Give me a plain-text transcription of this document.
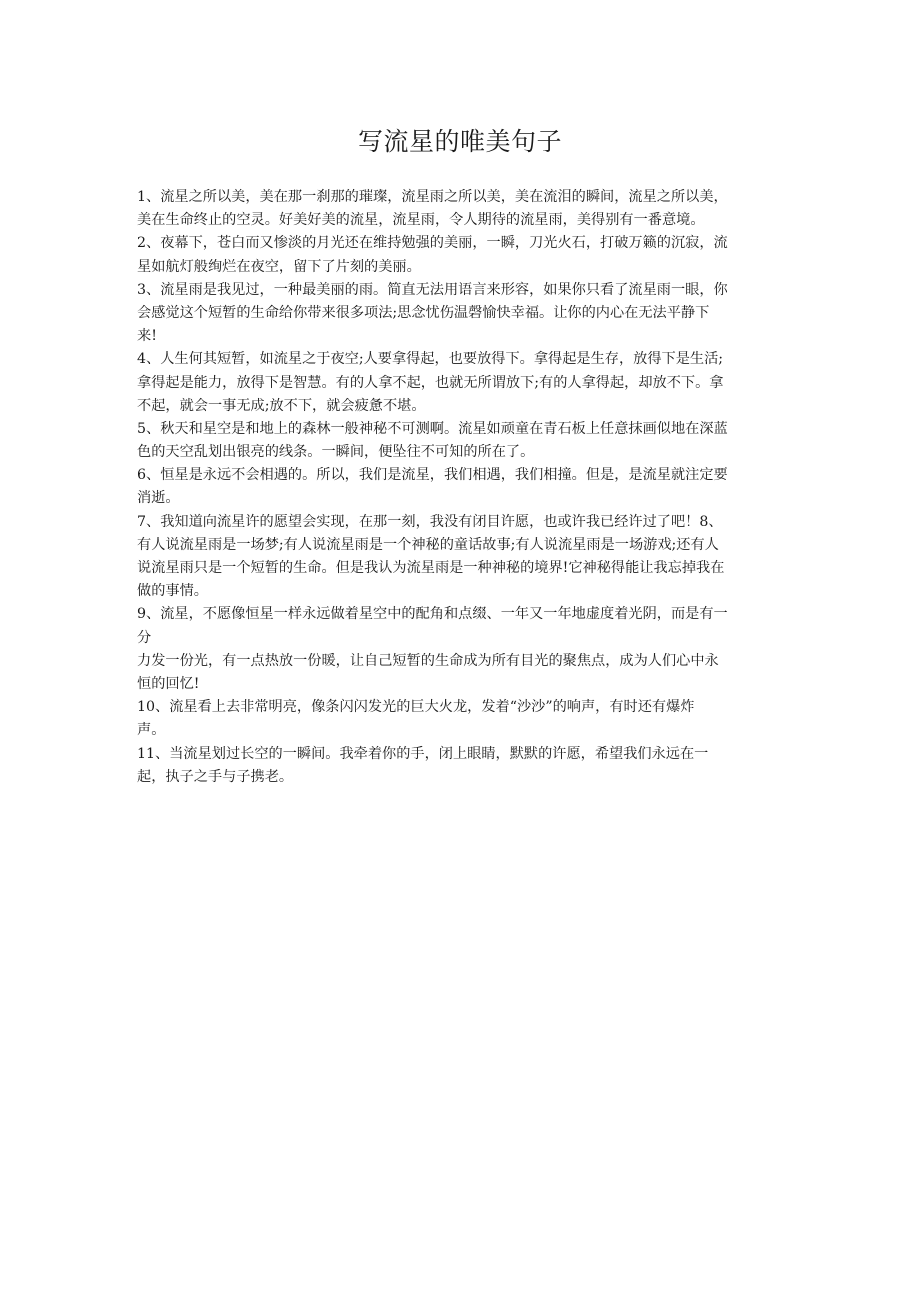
写流星的唯美句子
1、流星之所以美，美在那一刹那的璀璨，流星雨之所以美，美在流泪的瞬间，流星之所以美，
美在生命终止的空灵。好美好美的流星，流星雨，令人期待的流星雨，美得别有一番意境。
2、夜幕下，苍白而又惨淡的月光还在维持勉强的美丽，一瞬，刀光火石，打破万籁的沉寂，流
星如航灯般绚烂在夜空，留下了片刻的美丽。
3、流星雨是我见过，一种最美丽的雨。简直无法用语言来形容，如果你只看了流星雨一眼，你
会感觉这个短暂的生命给你带来很多项法;思念忧伤温磬愉快幸福。让你的内心在无法平静下
来!
4、人生何其短暂，如流星之于夜空;人要拿得起，也要放得下。拿得起是生存，放得下是生活;
拿得起是能力，放得下是智慧。有的人拿不起，也就无所谓放下;有的人拿得起，却放不下。拿
不起，就会一事无成;放不下，就会疲惫不堪。
5、秋天和星空是和地上的森林一般神秘不可测啊。流星如顽童在青石板上任意抹画似地在深蓝
色的天空乱划出银亮的线条。一瞬间，便坠往不可知的所在了。
6、恒星是永远不会相遇的。所以，我们是流星，我们相遇，我们相撞。但是，是流星就注定要
消逝。
7、我知道向流星许的愿望会实现，在那一刻，我没有闭目许愿，也或许我已经许过了吧！8、
有人说流星雨是一场梦;有人说流星雨是一个神秘的童话故事;有人说流星雨是一场游戏;还有人
说流星雨只是一个短暂的生命。但是我认为流星雨是一种神秘的境界!它神秘得能让我忘掉我在
做的事情。
9、流星，不愿像恒星一样永远做着星空中的配角和点缀、一年又一年地虚度着光阴，而是有一
分
力发一份光，有一点热放一份暖，让自己短暂的生命成为所有目光的聚焦点，成为人们心中永
恒的回忆!
10、流星看上去非常明亮，像条闪闪发光的巨大火龙，发着“沙沙”的响声，有时还有爆炸
声。
11、当流星划过长空的一瞬间。我牵着你的手，闭上眼睛，默默的许愿，希望我们永远在一
起，执子之手与子携老。
